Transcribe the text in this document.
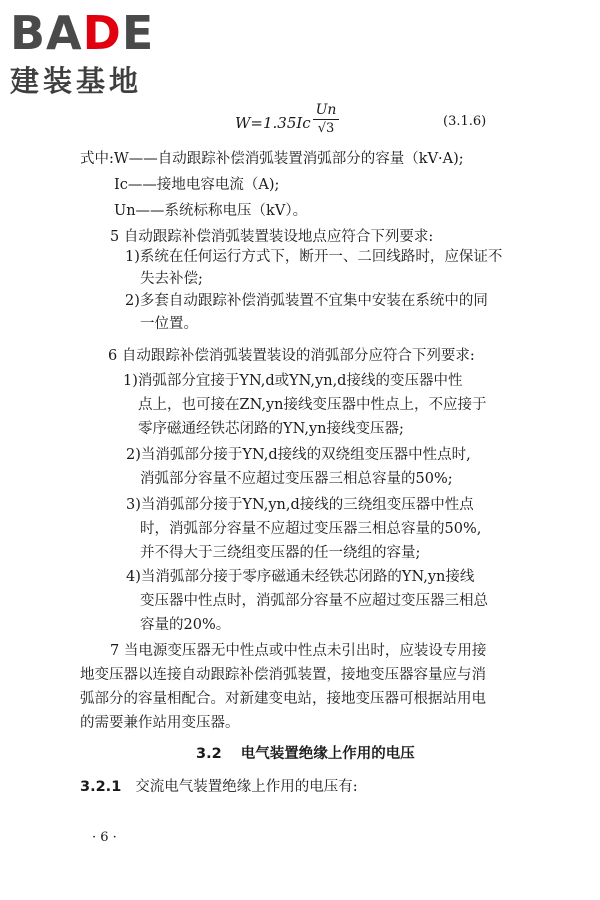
BADE
建装基地
W=1.35Ic
Un
√3	(3.1.6)
式中:W——自动跟踪补偿消弧装置消弧部分的容量（kV·A);
Ic——接地电容电流（A);
Un——系统标称电压（kV）。
5 自动跟踪补偿消弧装置装设地点应符合下列要求:
1)系统在任何运行方式下，断开一、二回线路时，应保证不
失去补偿;
2)多套自动跟踪补偿消弧装置不宜集中安装在系统中的同
一位置。
6 自动跟踪补偿消弧装置装设的消弧部分应符合下列要求:
1)消弧部分宜接于YN,d或YN,yn,d接线的变压器中性
点上，也可接在ZN,yn接线变压器中性点上，不应接于
零序磁通经铁芯闭路的YN,yn接线变压器;
2)当消弧部分接于YN,d接线的双绕组变压器中性点时,
消弧部分容量不应超过变压器三相总容量的50%;
3)当消弧部分接于YN,yn,d接线的三绕组变压器中性点
时，消弧部分容量不应超过变压器三相总容量的50%,
并不得大于三绕组变压器的任一绕组的容量;
4)当消弧部分接于零序磁通未经铁芯闭路的YN,yn接线
变压器中性点时，消弧部分容量不应超过变压器三相总
容量的20%。
7 当电源变压器无中性点或中性点未引出时，应装设专用接
地变压器以连接自动跟踪补偿消弧装置，接地变压器容量应与消
弧部分的容量相配合。对新建变电站，接地变压器可根据站用电
的需要兼作站用变压器。
3.2 电气装置绝缘上作用的电压
3.2.1 交流电气装置绝缘上作用的电压有:
· 6 ·
